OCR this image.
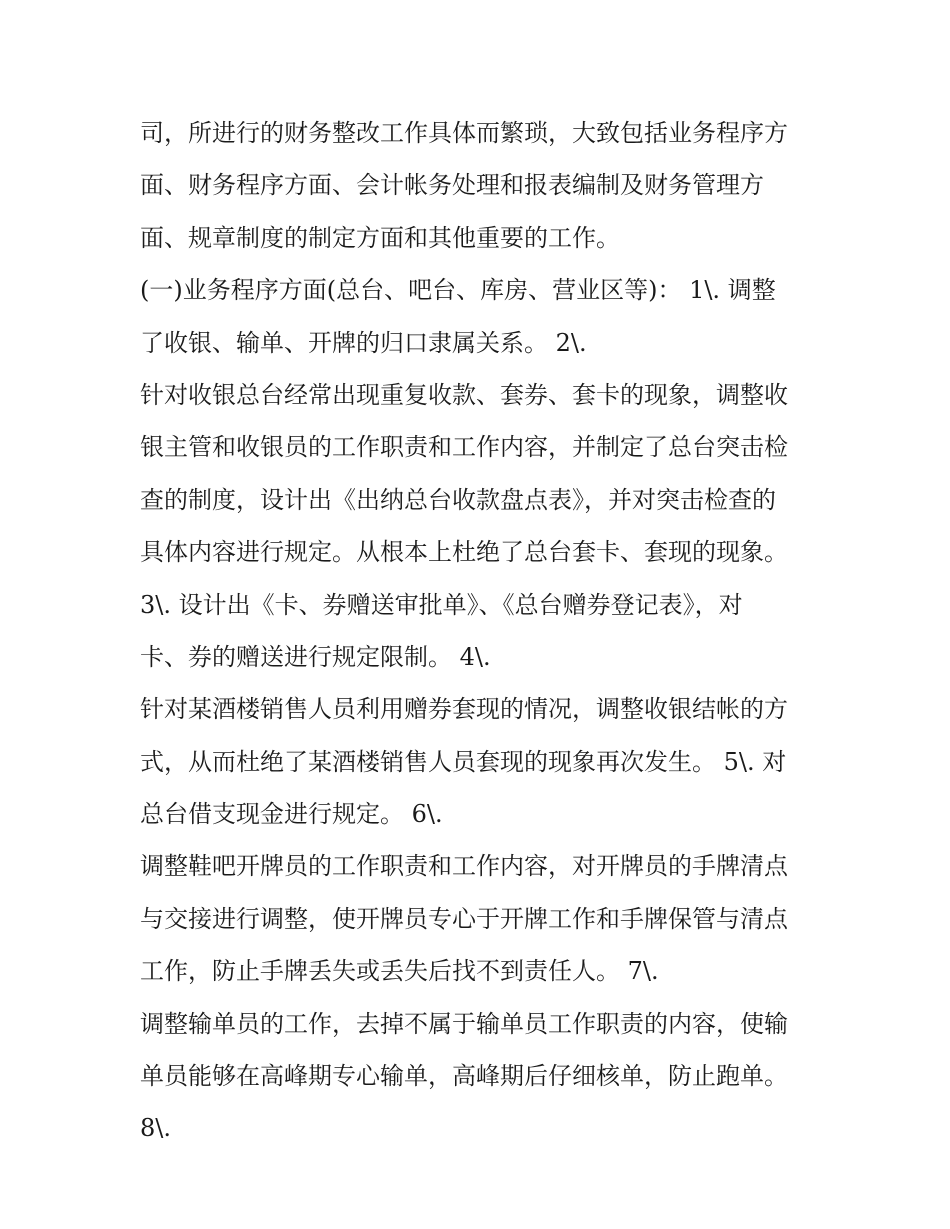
司，所进行的财务整改工作具体而繁琐，大致包括业务程序方
面、财务程序方面、会计帐务处理和报表编制及财务管理方
面、规章制度的制定方面和其他重要的工作。
(一)业务程序方面(总台、吧台、库房、营业区等)： 1\. 调整
了收银、输单、开牌的归口隶属关系。 2\.
针对收银总台经常出现重复收款、套券、套卡的现象，调整收
银主管和收银员的工作职责和工作内容，并制定了总台突击检
查的制度，设计出《出纳总台收款盘点表》，并对突击检查的
具体内容进行规定。从根本上杜绝了总台套卡、套现的现象。
3\. 设计出《卡、券赠送审批单》、《总台赠券登记表》，对
卡、券的赠送进行规定限制。 4\.
针对某酒楼销售人员利用赠券套现的情况，调整收银结帐的方
式，从而杜绝了某酒楼销售人员套现的现象再次发生。 5\. 对
总台借支现金进行规定。 6\.
调整鞋吧开牌员的工作职责和工作内容，对开牌员的手牌清点
与交接进行调整，使开牌员专心于开牌工作和手牌保管与清点
工作，防止手牌丢失或丢失后找不到责任人。 7\.
调整输单员的工作，去掉不属于输单员工作职责的内容，使输
单员能够在高峰期专心输单，高峰期后仔细核单，防止跑单。
8\.
